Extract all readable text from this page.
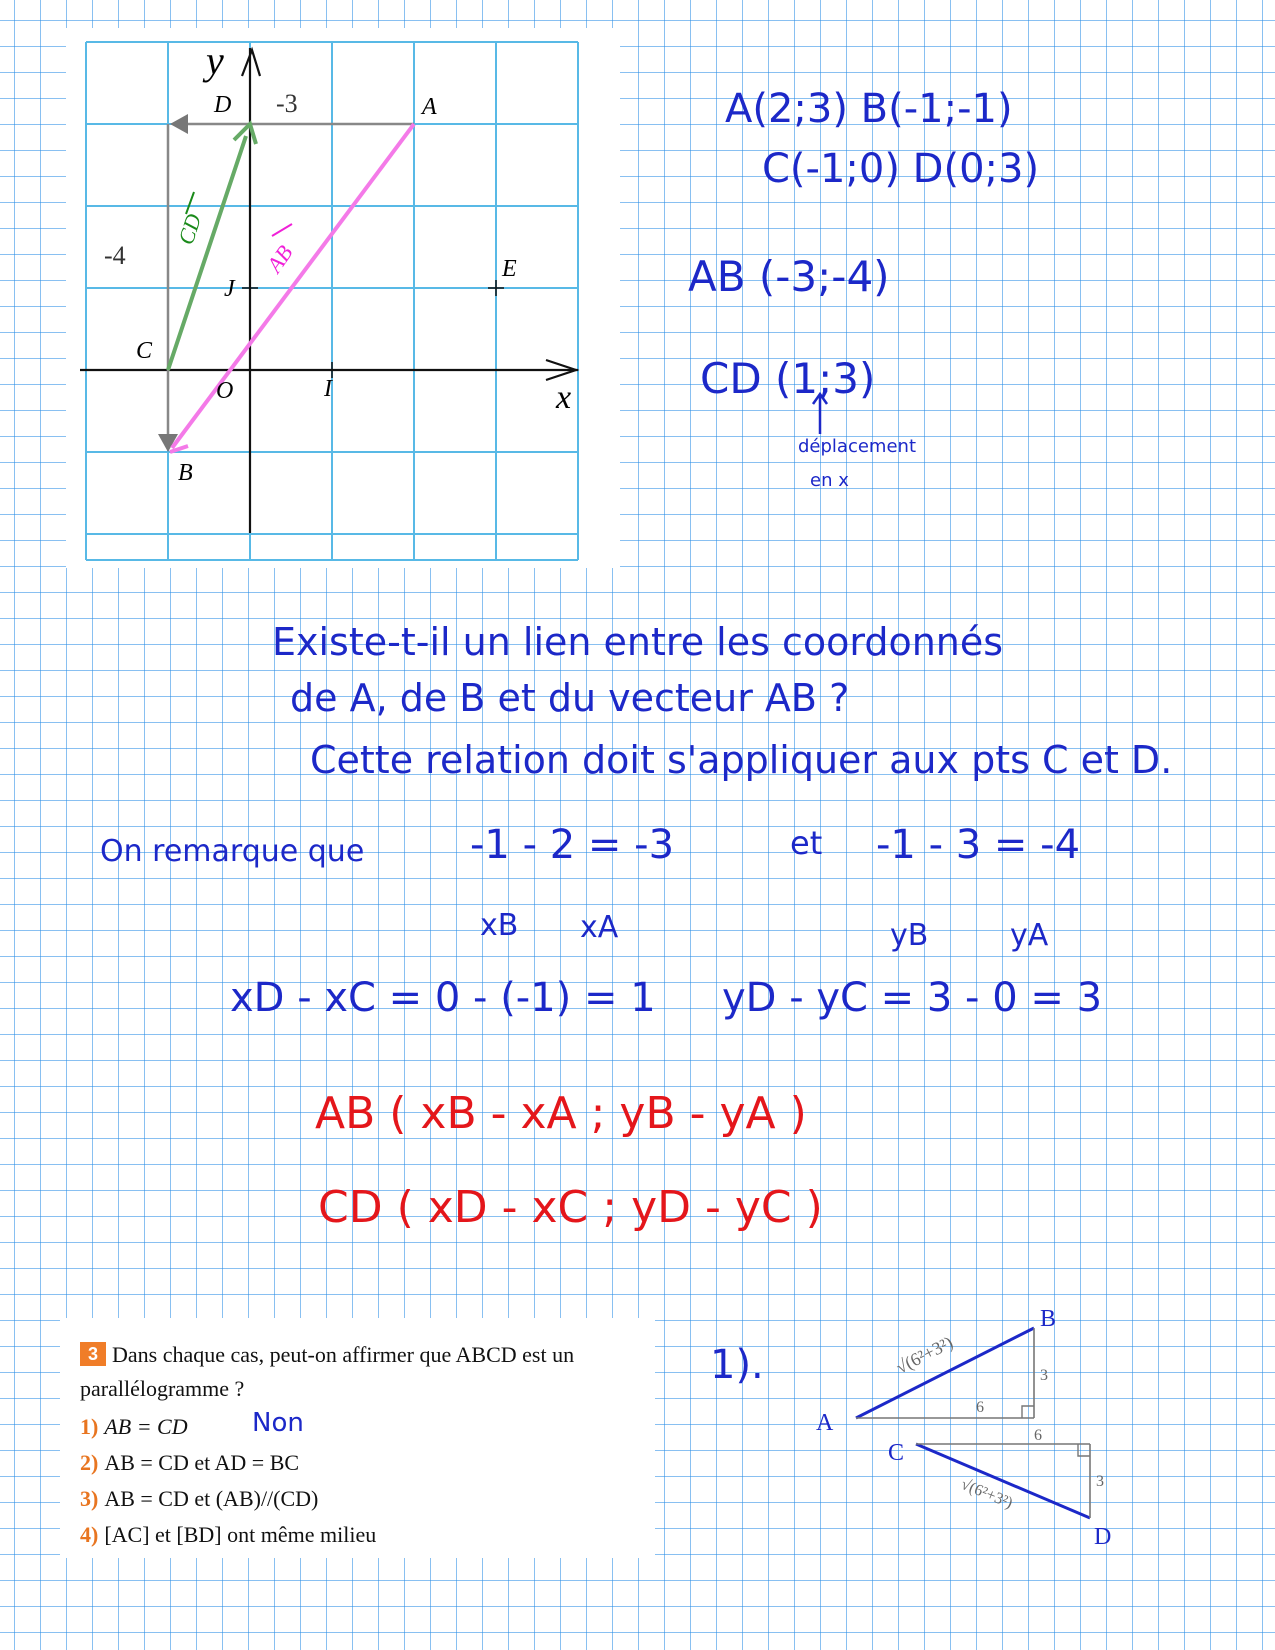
A
B
C
D
E
I
J
O
y
x
-3
-4	AB
CD
A(2;3) B(-1;-1)
C(-1;0) D(0;3)
AB (-3;-4)
CD (1;3)
déplacement
en x
Existe-t-il un lien entre les coordonnés
de A, de B et du vecteur AB ?
Cette relation doit s'appliquer aux pts C et D.
On remarque que	-1 - 2 = -3	et -1 - 3 = -4
xB xA	yB	yA
xD - xC = 0 - (-1) = 1 yD - yC = 3 - 0 = 3
AB ( xB - xA ; yB - yA )
CD ( xD - xC ; yD - yC )
3 Dans chaque cas, peut-on affirmer que ABCD est un parallélogramme ?
1) AB = CD Non
2) AB = CD et AD = BC
3) AB = CD et (AB)//(CD)
4) [AC] et [BD] ont même milieu
1).
A
B
C
D
6
3
6
3
√(6²+3²)
√(6²+3²)
